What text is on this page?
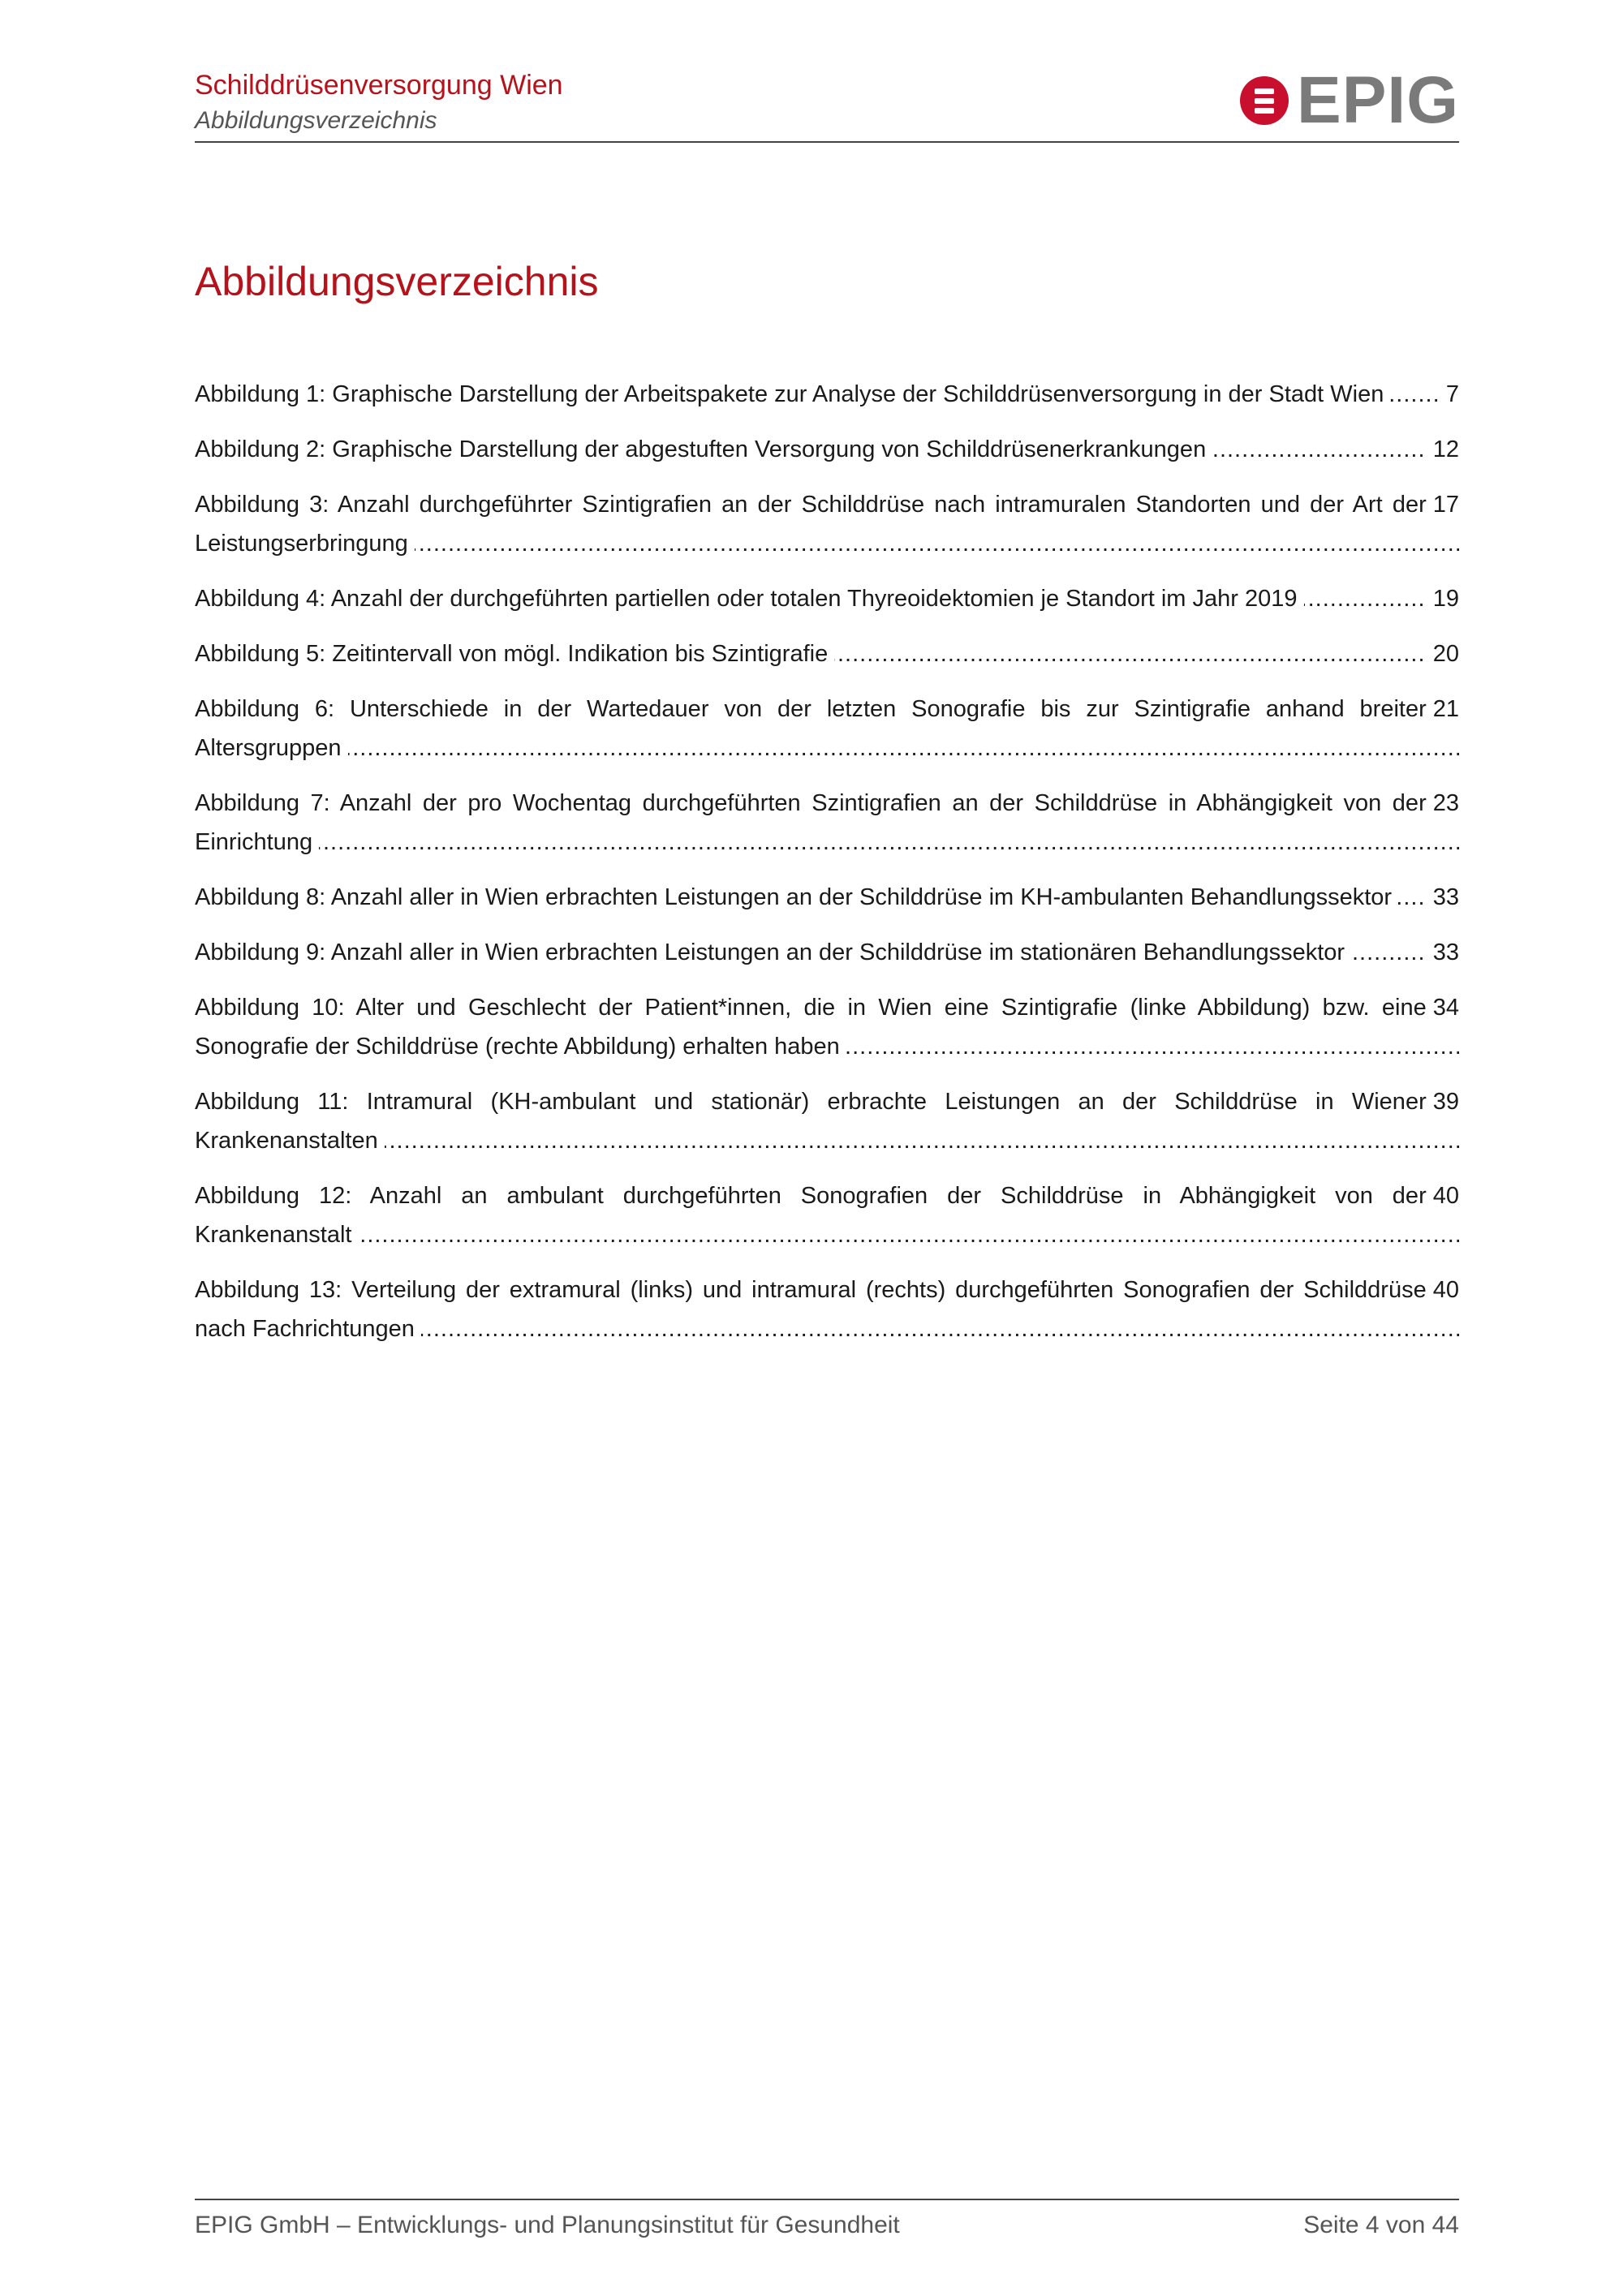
Schilddrüsenversorgung Wien
Abbildungsverzeichnis	EPIG
Abbildungsverzeichnis
7
Abbildung 1: Graphische Darstellung der Arbeitspakete zur Analyse der Schilddrüsenversorgung in der Stadt Wien .....
12
Abbildung 2: Graphische Darstellung der abgestuften Versorgung von Schilddrüsenerkrankungen .....
17
Abbildung 3: Anzahl durchgeführter Szintigrafien an der Schilddrüse nach intramuralen Standorten und der Art der Leistungserbringung .....
19
Abbildung 4: Anzahl der durchgeführten partiellen oder totalen Thyreoidektomien je Standort im Jahr 2019 .....
20
Abbildung 5: Zeitintervall von mögl. Indikation bis Szintigrafie .....
21
Abbildung 6: Unterschiede in der Wartedauer von der letzten Sonografie bis zur Szintigrafie anhand breiter Altersgruppen .....
23
Abbildung 7: Anzahl der pro Wochentag durchgeführten Szintigrafien an der Schilddrüse in Abhängigkeit von der Einrichtung .....
33
Abbildung 8: Anzahl aller in Wien erbrachten Leistungen an der Schilddrüse im KH-ambulanten Behandlungssektor .....
33
Abbildung 9: Anzahl aller in Wien erbrachten Leistungen an der Schilddrüse im stationären Behandlungssektor .....
34
Abbildung 10: Alter und Geschlecht der Patient*innen, die in Wien eine Szintigrafie (linke Abbildung) bzw. eine Sonografie der Schilddrüse (rechte Abbildung) erhalten haben .....
39
Abbildung 11: Intramural (KH-ambulant und stationär) erbrachte Leistungen an der Schilddrüse in Wiener Krankenanstalten .....
40
Abbildung 12: Anzahl an ambulant durchgeführten Sonografien der Schilddrüse in Abhängigkeit von der Krankenanstalt .....
40
Abbildung 13: Verteilung der extramural (links) und intramural (rechts) durchgeführten Sonografien der Schilddrüse nach Fachrichtungen .....
EPIG GmbH – Entwicklungs- und Planungsinstitut für Gesundheit	Seite 4 von 44
